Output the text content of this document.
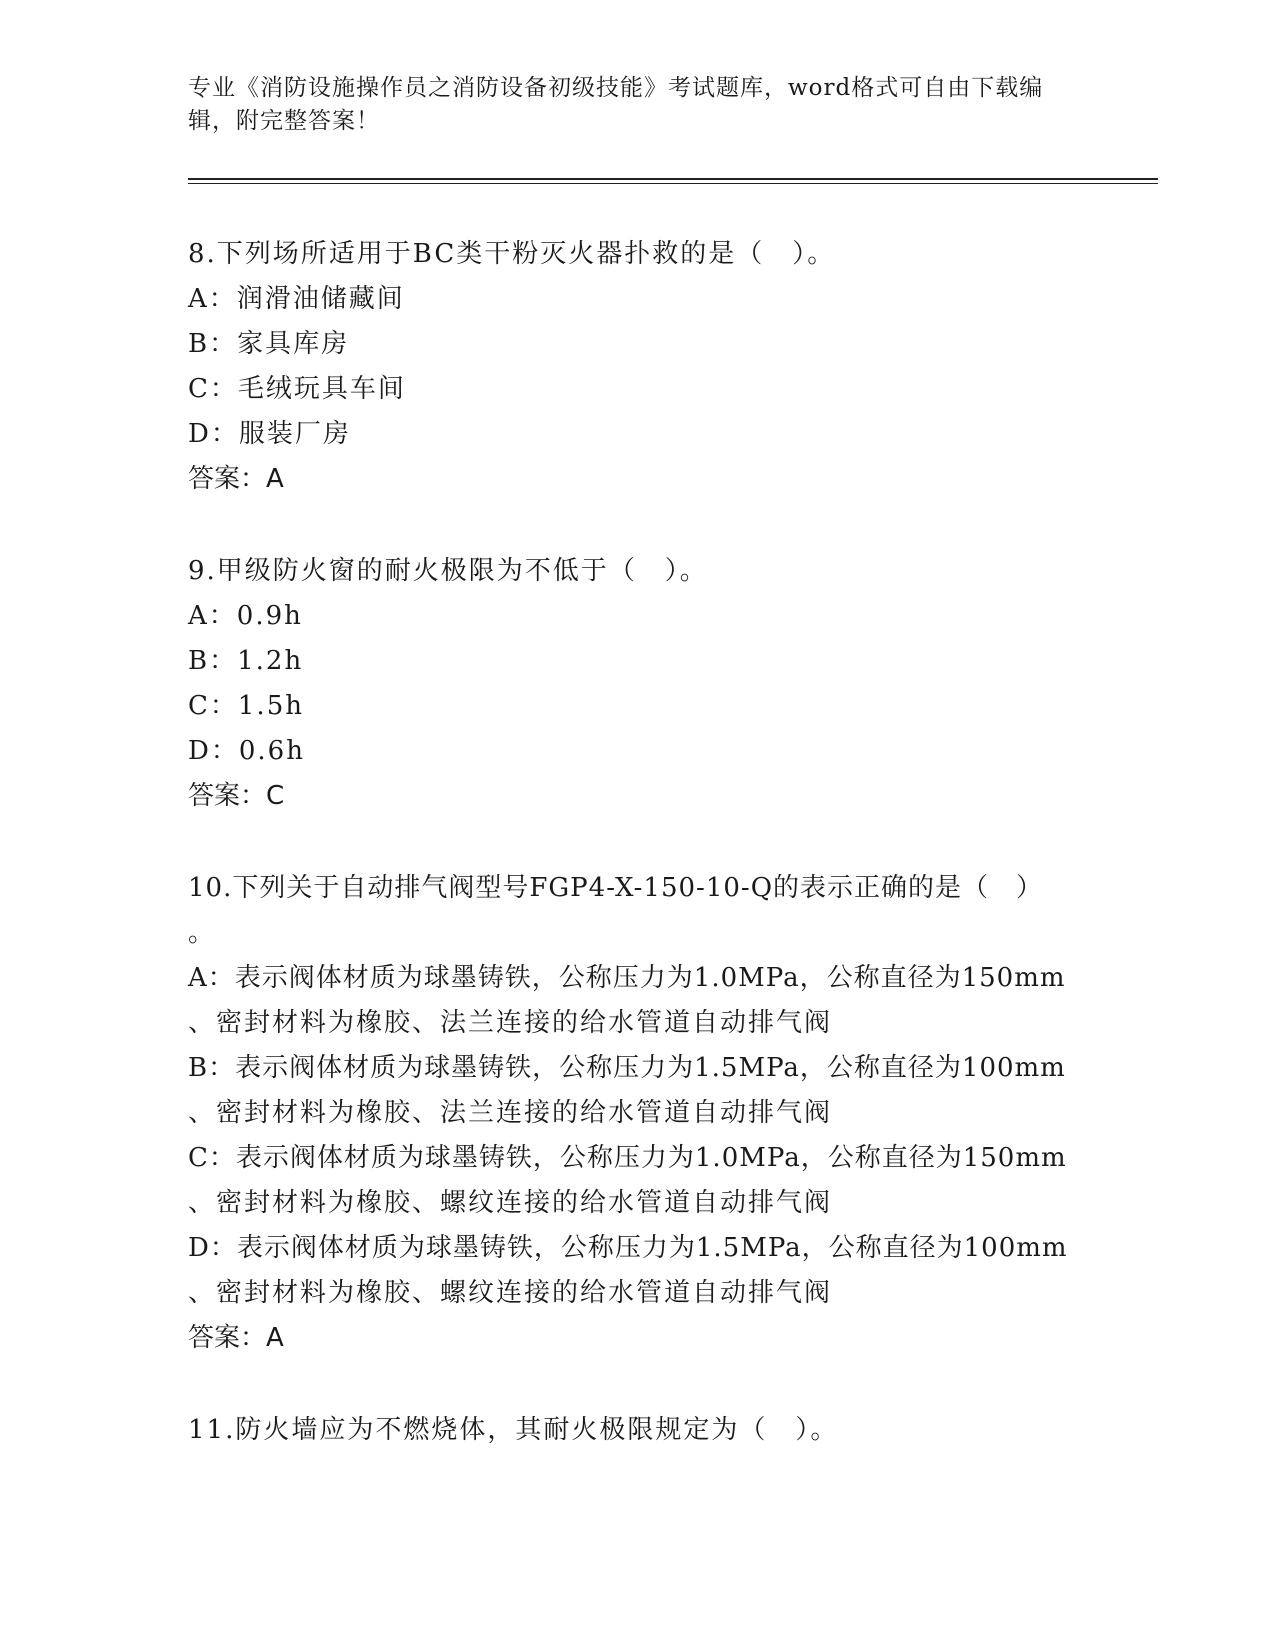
专业《消防设施操作员之消防设备初级技能》考试题库，word格式可自由下载编
辑，附完整答案！
8.下列场所适用于BC类干粉灭火器扑救的是（　）。
A：润滑油储藏间
B：家具库房
C：毛绒玩具车间
D：服装厂房
答案：A
9.甲级防火窗的耐火极限为不低于（　）。
A：0.9h
B：1.2h
C：1.5h
D：0.6h
答案：C
10.下列关于自动排气阀型号FGP4-X-150-10-Q的表示正确的是（　）
。
A：表示阀体材质为球墨铸铁，公称压力为1.0MPa，公称直径为150mm
、密封材料为橡胶、法兰连接的给水管道自动排气阀
B：表示阀体材质为球墨铸铁，公称压力为1.5MPa，公称直径为100mm
、密封材料为橡胶、法兰连接的给水管道自动排气阀
C：表示阀体材质为球墨铸铁，公称压力为1.0MPa，公称直径为150mm
、密封材料为橡胶、螺纹连接的给水管道自动排气阀
D：表示阀体材质为球墨铸铁，公称压力为1.5MPa，公称直径为100mm
、密封材料为橡胶、螺纹连接的给水管道自动排气阀
答案：A
11.防火墙应为不燃烧体，其耐火极限规定为（　）。
